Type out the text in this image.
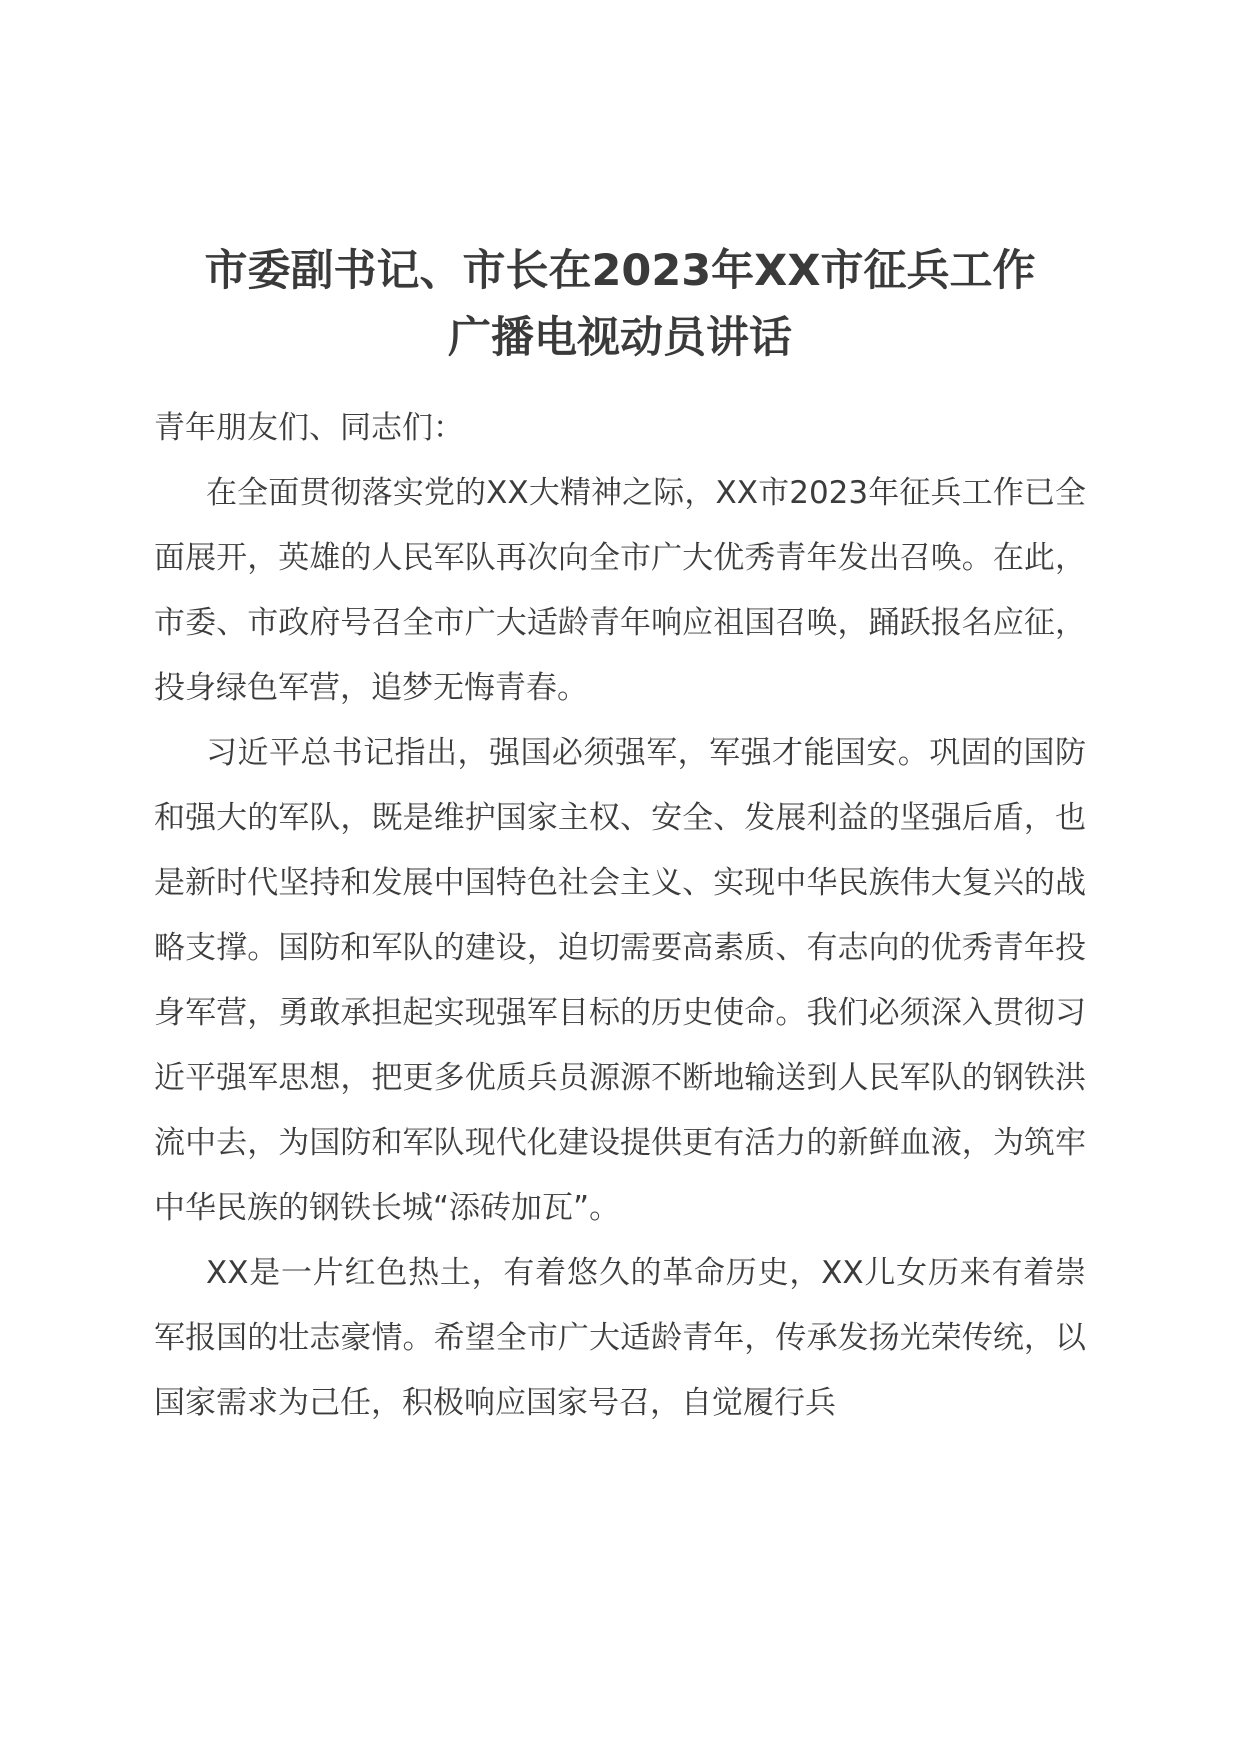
市委副书记、市长在2023年XX市征兵工作
广播电视动员讲话

青年朋友们、同志们：

在全面贯彻落实党的XX大精神之际，XX市2023年征兵工作已全面展开，英雄的人民军队再次向全市广大优秀青年发出召唤。在此，市委、市政府号召全市广大适龄青年响应祖国召唤，踊跃报名应征，投身绿色军营，追梦无悔青春。

习近平总书记指出，强国必须强军，军强才能国安。巩固的国防和强大的军队，既是维护国家主权、安全、发展利益的坚强后盾，也是新时代坚持和发展中国特色社会主义、实现中华民族伟大复兴的战略支撑。国防和军队的建设，迫切需要高素质、有志向的优秀青年投身军营，勇敢承担起实现强军目标的历史使命。我们必须深入贯彻习近平强军思想，把更多优质兵员源源不断地输送到人民军队的钢铁洪流中去，为国防和军队现代化建设提供更有活力的新鲜血液，为筑牢中华民族的钢铁长城“添砖加瓦”。

XX是一片红色热土，有着悠久的革命历史，XX儿女历来有着崇军报国的壮志豪情。希望全市广大适龄青年，传承发扬光荣传统，以国家需求为己任，积极响应国家号召，自觉履行兵
